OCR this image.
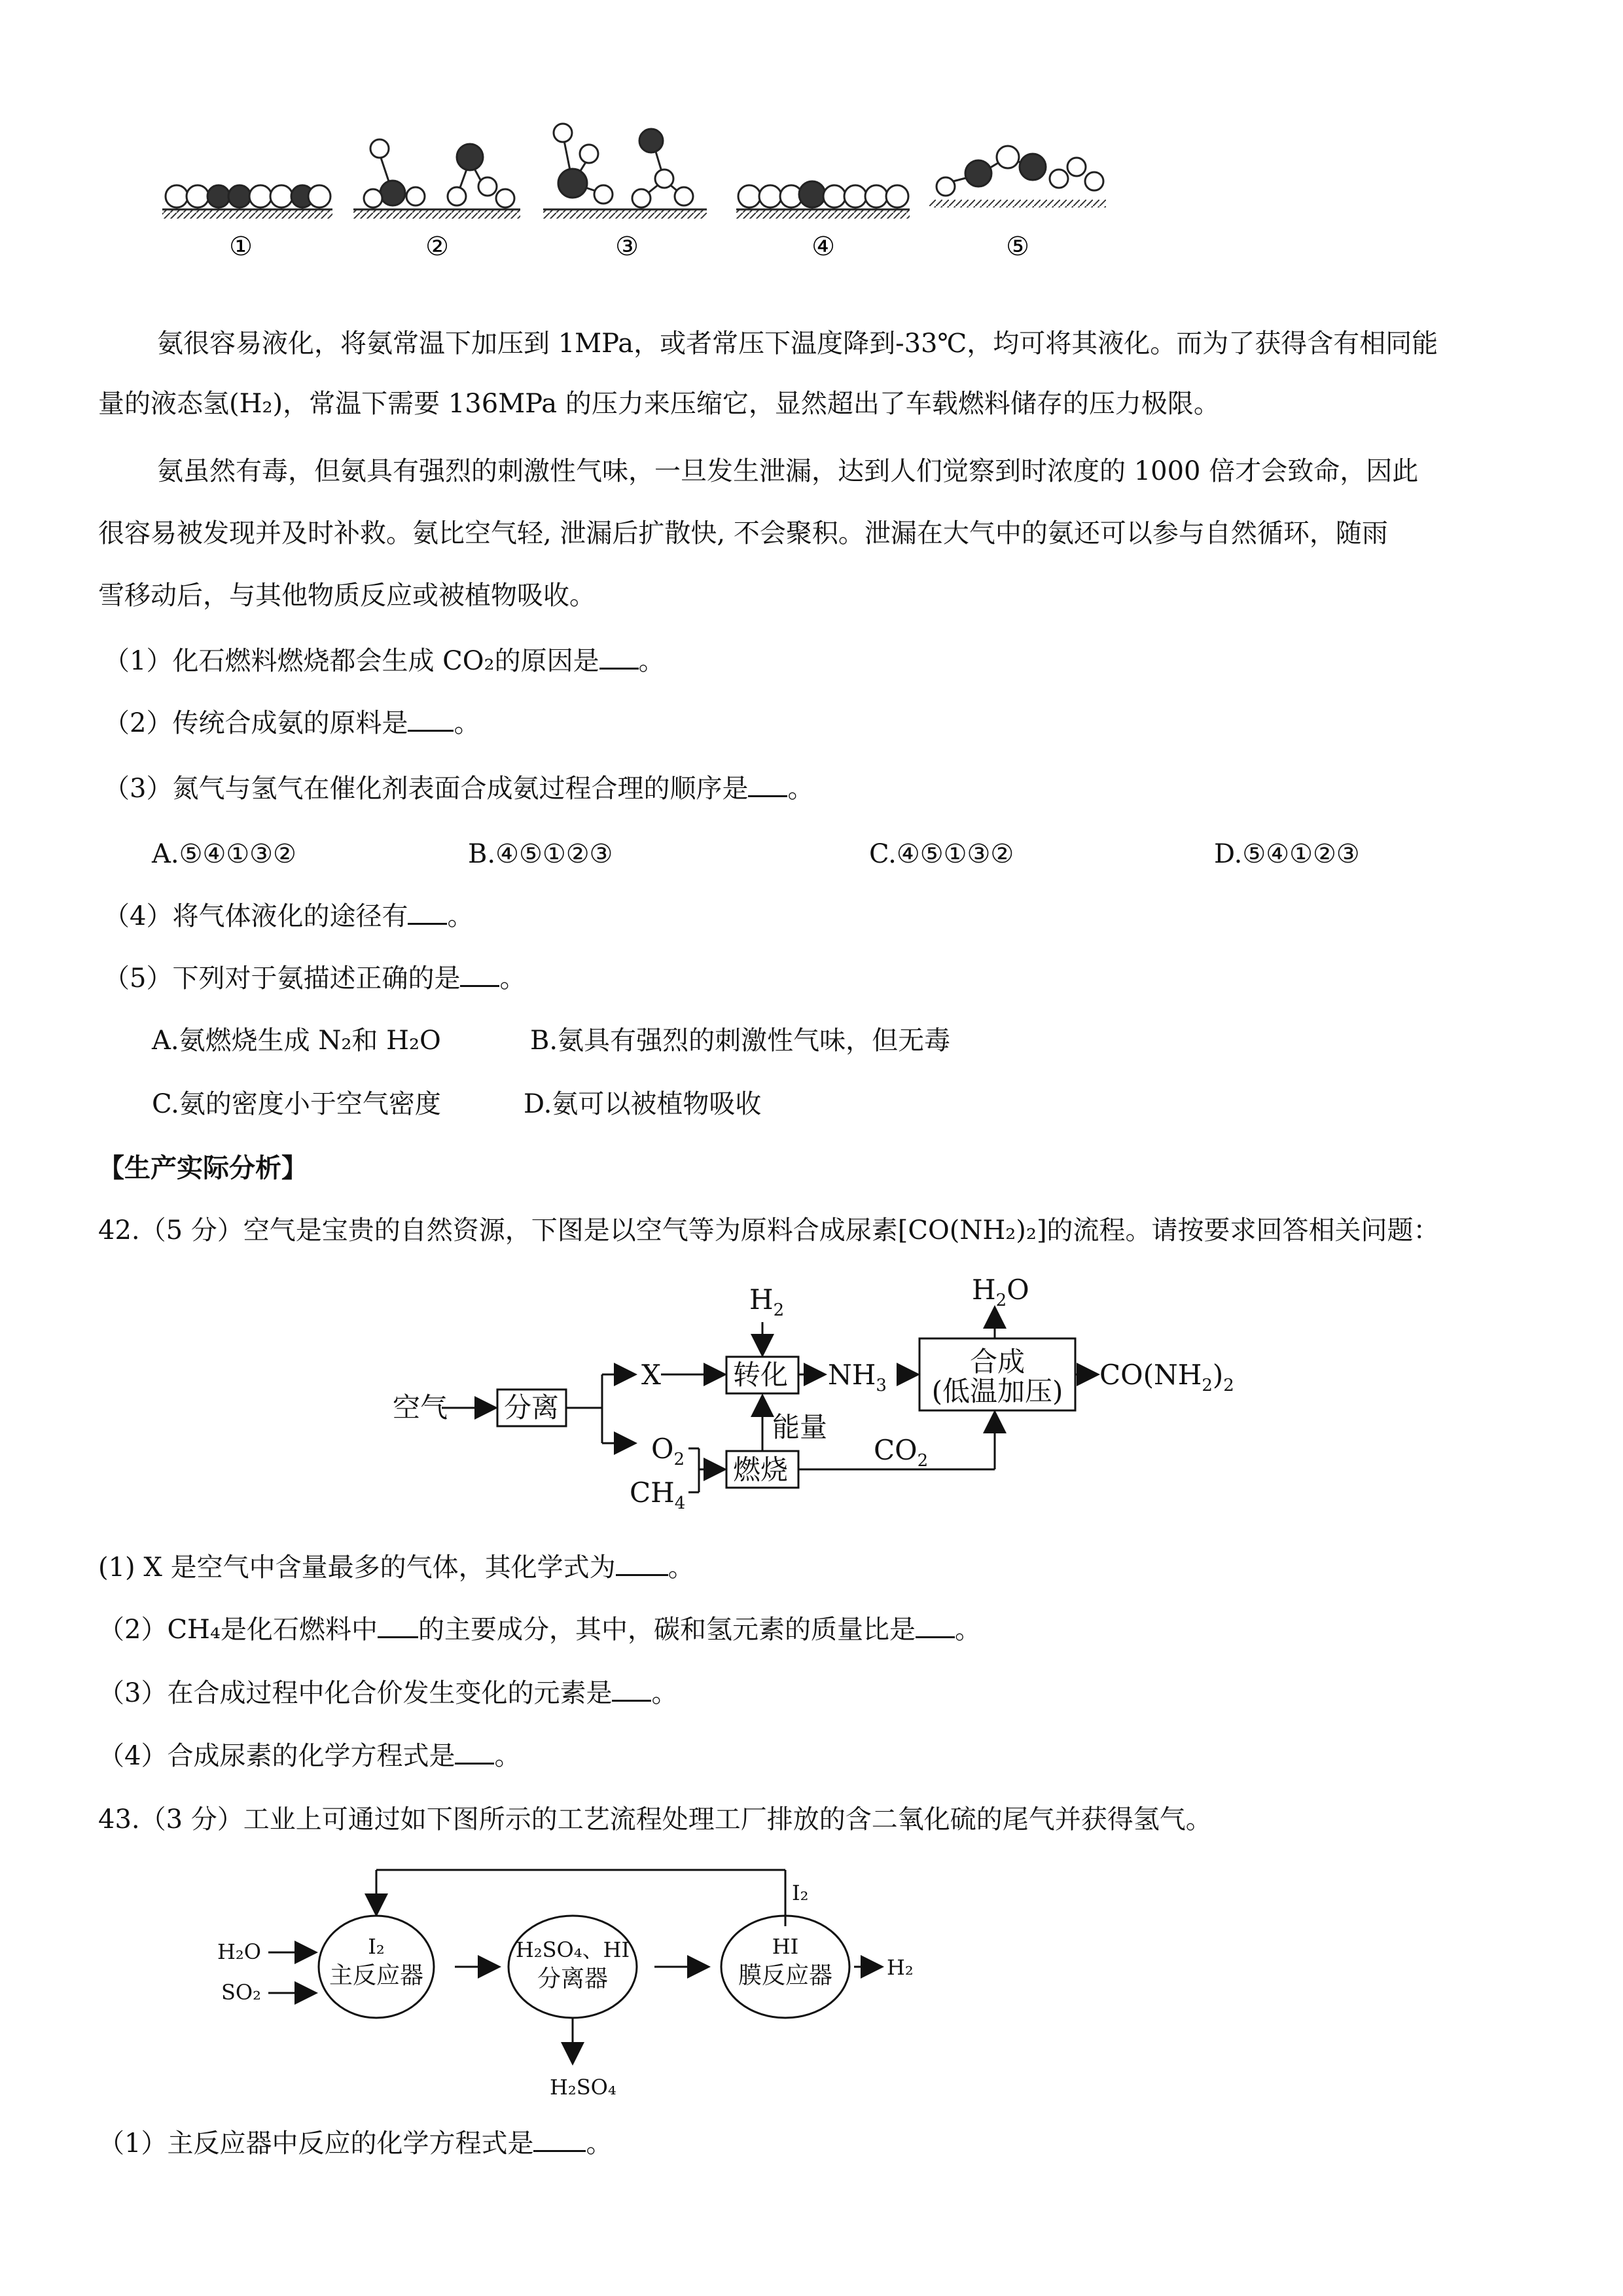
①	②	③	④	⑤
氨很容易液化，将氨常温下加压到 1MPa，或者常压下温度降到-33℃，均可将其液化。而为了获得含有相同能
量的液态氢(H₂)，常温下需要 136MPa 的压力来压缩它，显然超出了车载燃料储存的压力极限。
氨虽然有毒，但氨具有强烈的刺激性气味，一旦发生泄漏，达到人们觉察到时浓度的 1000 倍才会致命，因此
很容易被发现并及时补救。氨比空气轻, 泄漏后扩散快, 不会聚积。泄漏在大气中的氨还可以参与自然循环，随雨
雪移动后，与其他物质反应或被植物吸收。
（1）化石燃料燃烧都会生成 CO₂的原因是 。
（2）传统合成氨的原料是 。
（3）氮气与氢气在催化剂表面合成氨过程合理的顺序是 。
A.⑤④①③②	B.④⑤①②③	C.④⑤①③②	D.⑤④①②③
（4）将气体液化的途径有 。
（5）下列对于氨描述正确的是 。
A.氨燃烧生成 N₂和 H₂O	B.氨具有强烈的刺激性气味，但无毒
C.氨的密度小于空气密度	D.氨可以被植物吸收
【生产实际分析】
42.（5 分）空气是宝贵的自然资源，下图是以空气等为原料合成尿素[CO(NH₂)₂]的流程。请按要求回答相关问题：
空气 分离
X
$H_2$
转化 $NH_3$
合成
(低温加压)
$H_2O$
$CO(NH_2)_2$
能量
$O_2$
$CH_4$
燃烧
$CO_2$
(1) X 是空气中含量最多的气体，其化学式为 。
（2）CH₄是化石燃料中 的主要成分，其中，碳和氢元素的质量比是 。
（3）在合成过程中化合价发生变化的元素是 。
（4）合成尿素的化学方程式是 。
43.（3 分）工业上可通过如下图所示的工艺流程处理工厂排放的含二氧化硫的尾气并获得氢气。
H₂O
SO₂
I₂
主反应器
H₂SO₄、HI
分离器
HI
膜反应器	H₂
I₂
H₂SO₄
（1）主反应器中反应的化学方程式是 。
